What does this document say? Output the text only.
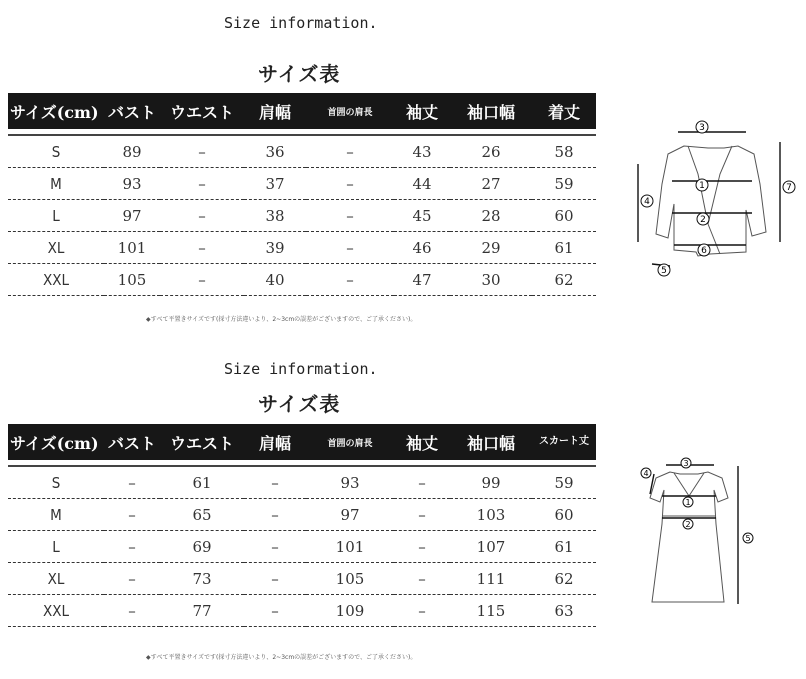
Size information.
サイズ表
サイズ(cm)	バスト	ウエスト	肩幅	首囲の肩長	袖丈	袖口幅	着丈

S	89	–	36	–	43	26	58
M	93	–	37	–	44	27	59
L	97	–	38	–	45	28	60
XL	101	–	39	–	46	29	61
XXL	105	–	40	–	47	30	62
◆すべて平置きサイズです(採寸方法違いより、2~3cmの誤差がございますので、ご了承ください)。
3
1
2
6
4
7
5
Size information.
サイズ表
サイズ(cm)	バスト	ウエスト	肩幅	首囲の肩長	袖丈	袖口幅	スカート丈

S	–	61	–	93	–	99	59
M	–	65	–	97	–	103	60
L	–	69	–	101	–	107	61
XL	–	73	–	105	–	111	62
XXL	–	77	–	109	–	115	63
◆すべて平置きサイズです(採寸方法違いより、2~3cmの誤差がございますので、ご了承ください)。
3
1
2
4
5
